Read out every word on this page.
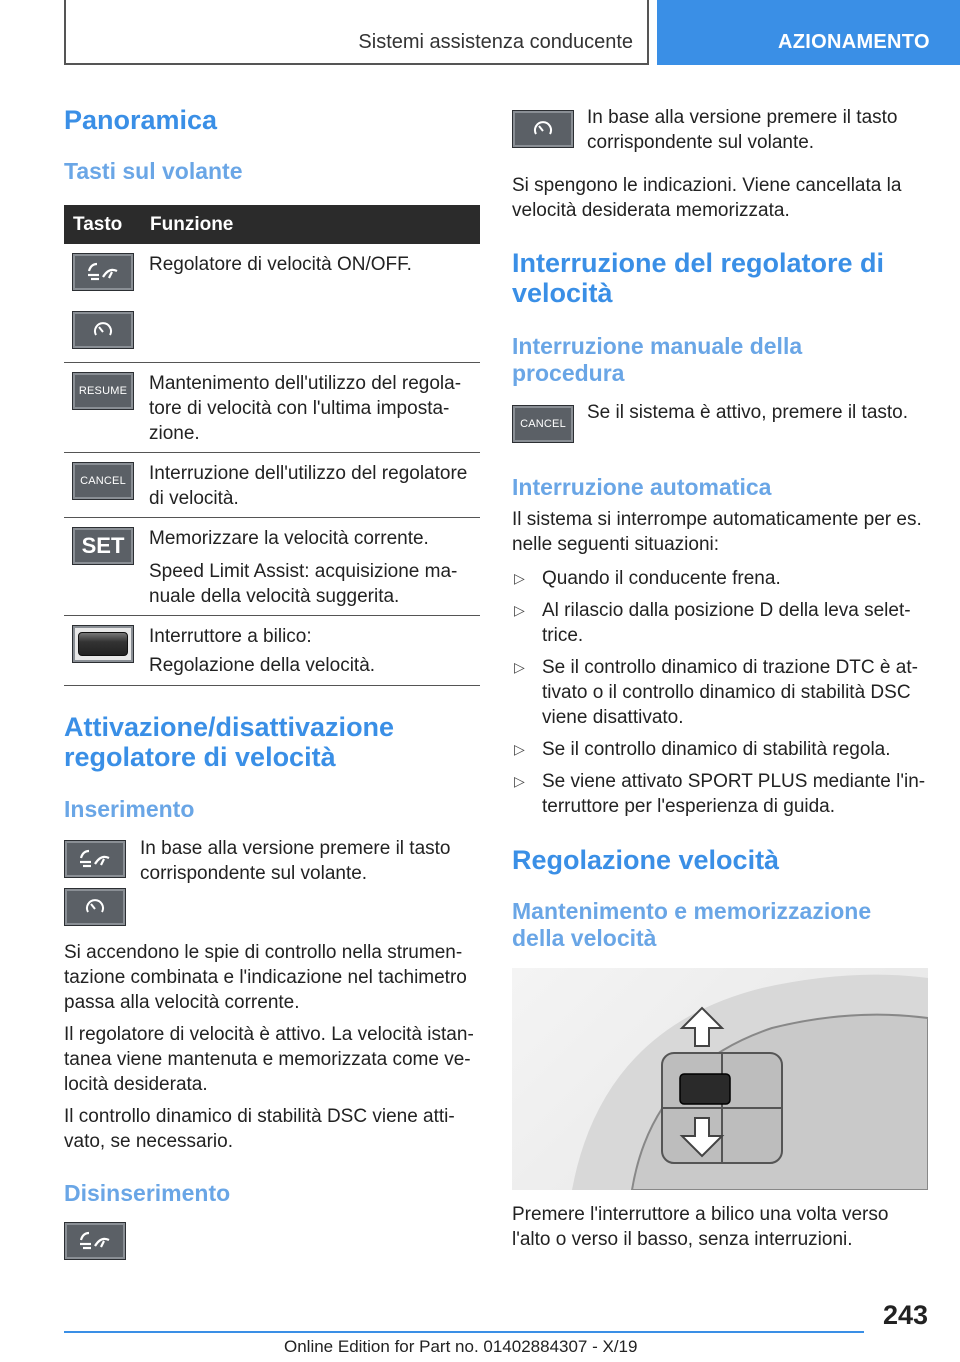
Sistemi assistenza conducente	AZIONAMENTO
Panoramica
Tasti sul volante
Tasto	Funzione

Regolatore di velocità ON/OFF.

RESUME	Mantenimento dell'utilizzo del regola-tore di velocità con l'ultima imposta-zione.

CANCEL	Interruzione dell'utilizzo del regolatore di velocità.

SET	Memorizzare la velocità corrente.

Speed Limit Assist: acquisizione ma-nuale della velocità suggerita.

Interruttore a bilico:

Regolazione della velocità.

Attivazione/disattivazione regolatore di velocità
Inserimento

In base alla versione premere il tasto corrispondente sul volante.

Si accendono le spie di controllo nella strumen-tazione combinata e l'indicazione nel tachimetro passa alla velocità corrente.

Il regolatore di velocità è attivo. La velocità istan-tanea viene mantenuta e memorizzata come ve-locità desiderata.

Il controllo dinamico di stabilità DSC viene atti-vato, se necessario.

Disinserimento

In base alla versione premere il tasto corrispondente sul volante.

Si spengono le indicazioni. Viene cancellata la velocità desiderata memorizzata.

Interruzione del regolatore di velocità
Interruzione manuale della procedura
CANCEL

Se il sistema è attivo, premere il tasto.

Interruzione automatica

Il sistema si interrompe automaticamente per es. nelle seguenti situazioni:

▷ Quando il conducente frena.
▷ Al rilascio dalla posizione D della leva selet-trice.
▷ Se il controllo dinamico di trazione DTC è at-tivato o il controllo dinamico di stabilità DSC viene disattivato.
▷ Se il controllo dinamico di stabilità regola.
▷ Se viene attivato SPORT PLUS mediante l'in-terruttore per l'esperienza di guida.
Regolazione velocità
Mantenimento e memorizzazione della velocità

Premere l'interruttore a bilico una volta verso l'alto o verso il basso, senza interruzioni.

243
Online Edition for Part no. 01402884307 - X/19
